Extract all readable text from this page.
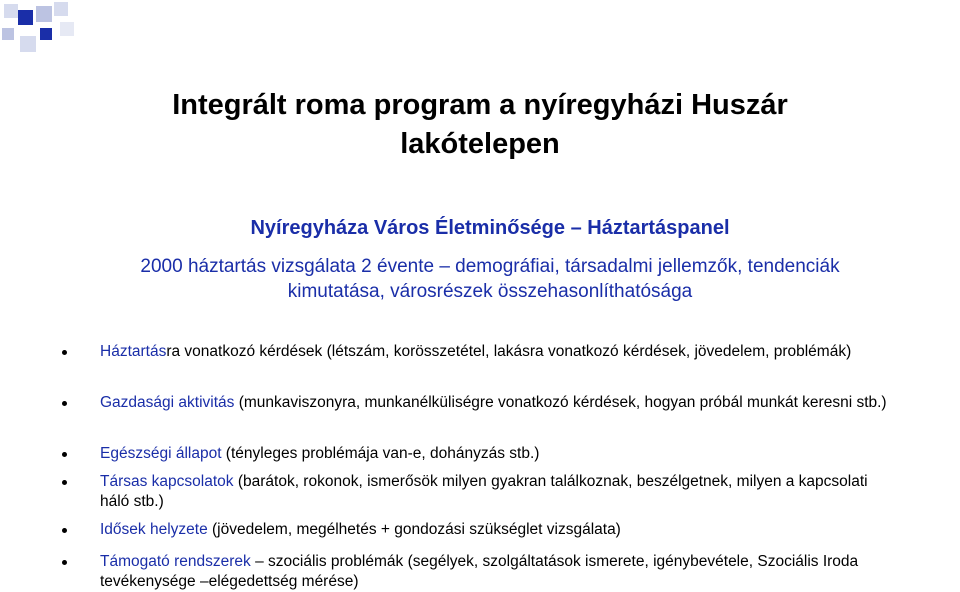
Integrált roma program a nyíregyházi Huszár
lakótelepen
Nyíregyháza Város Életminősége – Háztartáspanel
2000 háztartás vizsgálata 2 évente – demográfiai, társadalmi jellemzők, tendenciák
kimutatása, városrészek összehasonlíthatósága
Háztartásra vonatkozó kérdések (létszám, korösszetétel, lakásra vonatkozó kérdések, jövedelem, problémák)
Gazdasági aktivitás (munkaviszonyra, munkanélküliségre vonatkozó kérdések, hogyan próbál munkát keresni stb.)
Egészségi állapot (tényleges problémája van-e, dohányzás stb.)
Társas kapcsolatok (barátok, rokonok, ismerősök milyen gyakran találkoznak, beszélgetnek, milyen a kapcsolati háló stb.)
Idősek helyzete (jövedelem, megélhetés + gondozási szükséglet vizsgálata)
Támogató rendszerek – szociális problémák (segélyek, szolgáltatások ismerete, igénybevétele, Szociális Iroda tevékenysége –elégedettség mérése)
